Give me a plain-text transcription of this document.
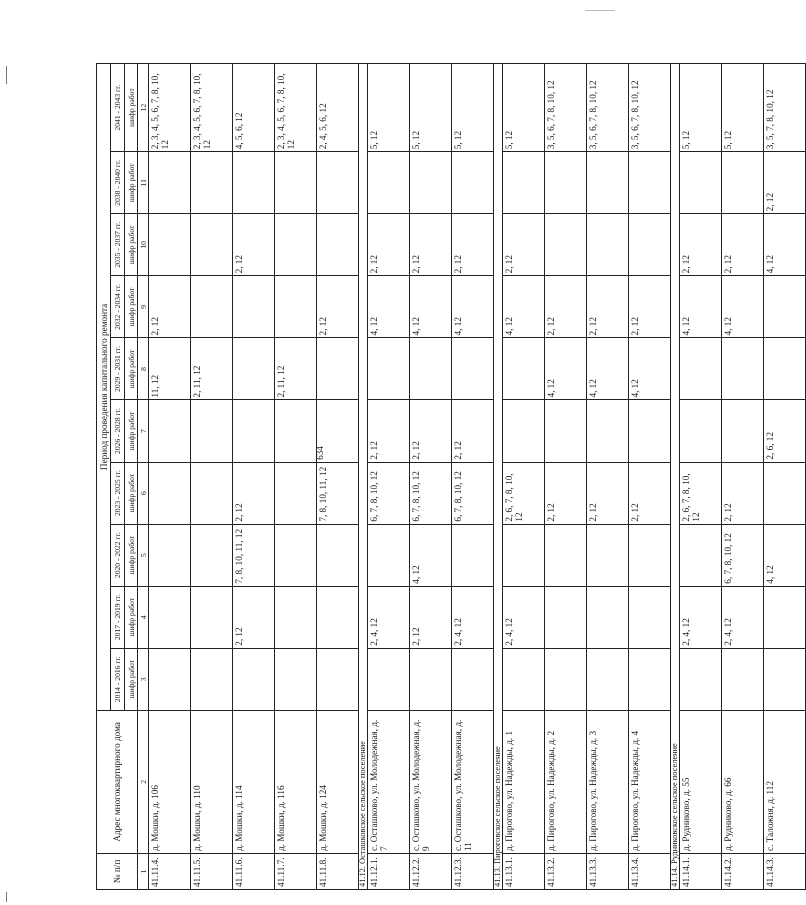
634
№ п/п	Адрес многоквартирного дома	Период проведения капитального ремонта									
		2014 - 2016 гг.	2017 - 2019 гг.	2020 - 2022 гг.	2023 - 2025 гг.	2026 - 2028 гг.	2029 - 2031 гг.	2032 - 2034 гг.	2035 - 2037 гг.	2038 - 2040 гг.	2041 - 2043 гг.
		шифр работ	шифр работ	шифр работ	шифр работ	шифр работ	шифр работ	шифр работ	шифр работ	шифр работ	шифр работ
1	2	3	4	5	6	7	8	9	10	11	12
41.11.4.	д. Мошки, д. 106						11, 12	2, 12			2, 3, 4, 5, 6, 7, 8, 10, 12
41.11.5.	д. Мошки, д. 110						2, 11, 12				2, 3, 4, 5, 6, 7, 8, 10, 12
41.11.6.	д. Мошки, д. 114		2, 12	7, 8, 10, 11, 12	2, 12				2, 12		4, 5, 6, 12
41.11.7.	д. Мошки, д. 116						2, 11, 12				2, 3, 4, 5, 6, 7, 8, 10, 12
41.11.8.	д. Мошки, д. 124				7, 8, 10, 11, 12			2, 12			2, 4, 5, 6, 12
41.12. Осташковское сельское поселение											
41.12.1.	с. Осташково, ул. Молодежная, д. 7		2, 4, 12		6, 7, 8, 10, 12	2, 12		4, 12	2, 12		5, 12
41.12.2.	с. Осташково, ул. Молодежная, д. 9		2, 12	4, 12	6, 7, 8, 10, 12	2, 12		4, 12	2, 12		5, 12
41.12.3.	с. Осташково, ул. Молодежная, д. 11		2, 4, 12		6, 7, 8, 10, 12	2, 12		4, 12	2, 12		5, 12
41.13. Пироговское сельское поселение											
41.13.1.	д. Пирогово, ул. Надежды, д. 1		2, 4, 12		2, 6, 7, 8, 10, 12			4, 12	2, 12		5, 12
41.13.2.	д. Пирогово, ул. Надежды, д. 2				2, 12		4, 12	2, 12			3, 5, 6, 7, 8, 10, 12
41.13.3.	д. Пирогово, ул. Надежды, д. 3				2, 12		4, 12	2, 12			3, 5, 6, 7, 8, 10, 12
41.13.4.	д. Пирогово, ул. Надежды, д. 4				2, 12		4, 12	2, 12			3, 5, 6, 7, 8, 10, 12
41.14. Рудниковское сельское поселение											
41.14.1.	д. Рудниково, д. 55		2, 4, 12		2, 6, 7, 8, 10, 12			4, 12	2, 12		5, 12
41.14.2.	д. Рудниково, д. 66		2, 4, 12	6, 7, 8, 10, 12	2, 12			4, 12	2, 12		5, 12
41.14.3.	с. Таложня, д. 112			4, 12		2, 6, 12			4, 12	2, 12	3, 5, 7, 8, 10, 12
